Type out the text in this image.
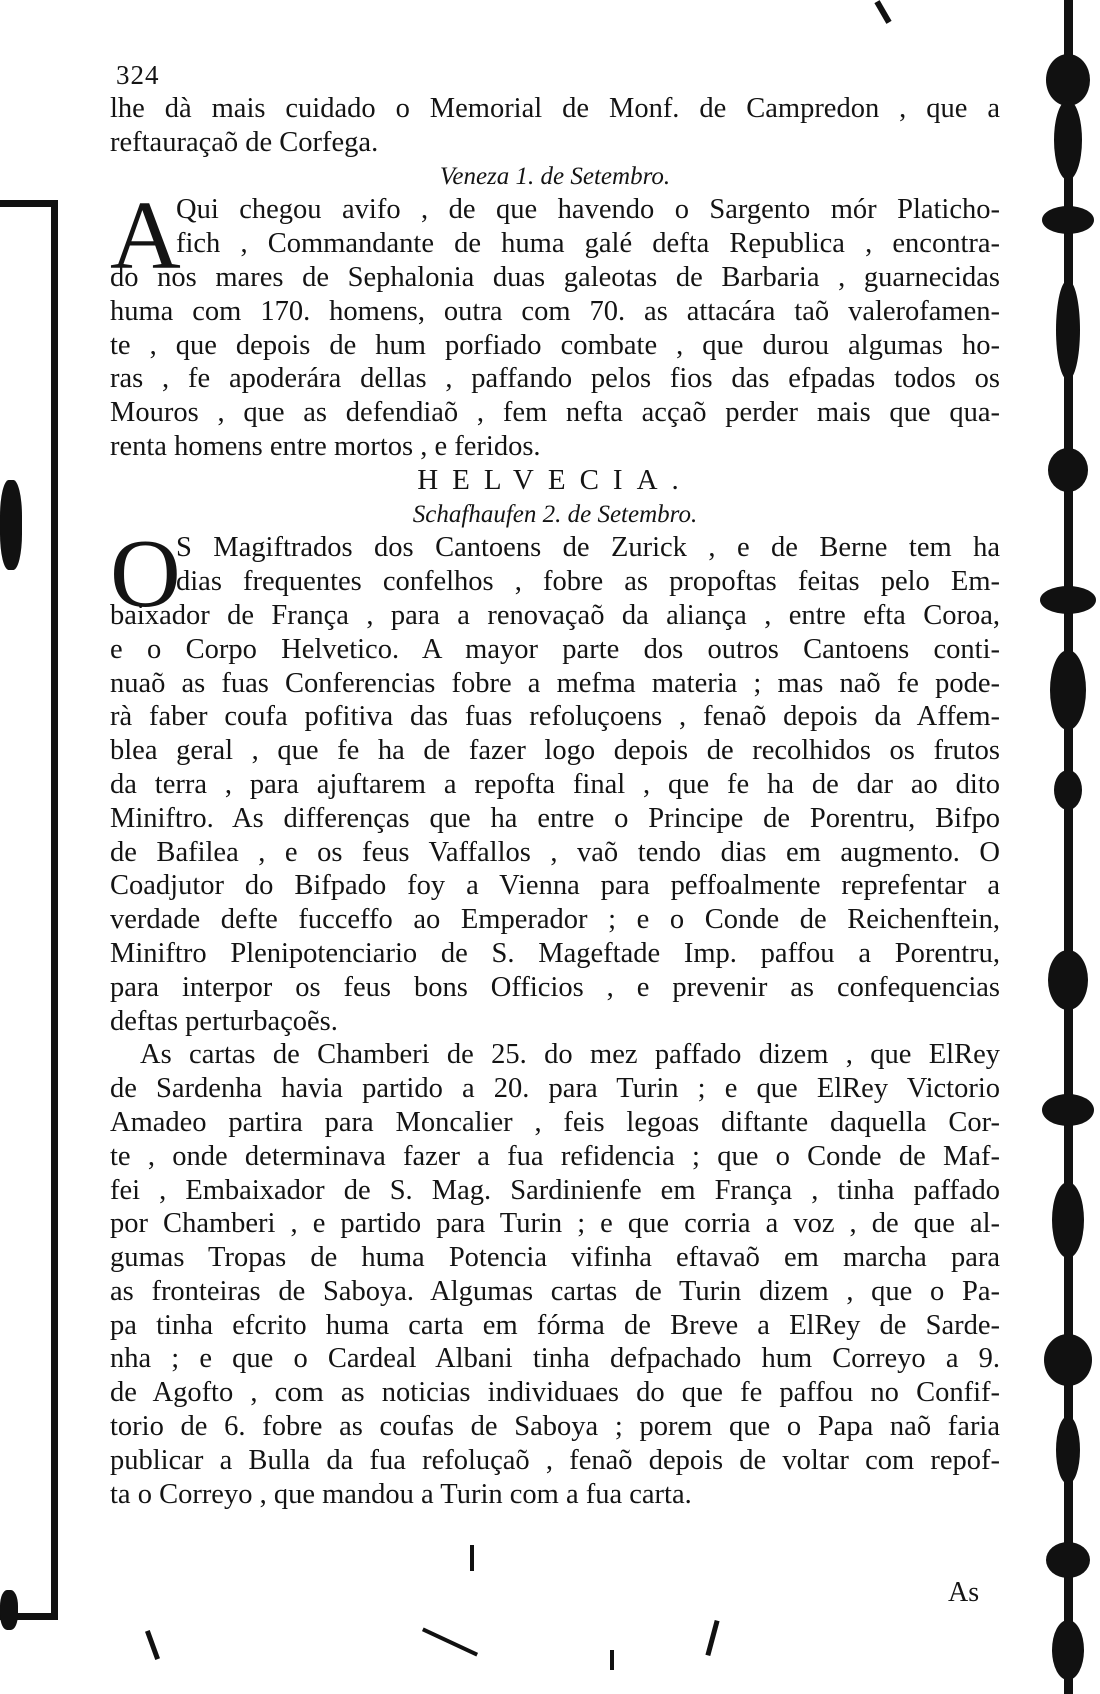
324
lhe dà mais cuidado o Memorial de Monf. de Campredon , que a
reftauraçaõ de Corfega.
Veneza 1. de Setembro.
A
Qui chegou avifo , de que havendo o Sargento mór Platicho-
fich , Commandante de huma galé defta Republica , encontra-
do nos mares de Sephalonia duas galeotas de Barbaria , guarnecidas
huma com 170. homens, outra com 70. as attacára taõ valerofamen-
te , que depois de hum porfiado combate , que durou algumas ho-
ras , fe apoderára dellas , paffando pelos fios das efpadas todos os
Mouros , que as defendiaõ , fem nefta acçaõ perder mais que qua-
renta homens entre mortos , e feridos.
HELVECIA.
Schafhaufen 2. de Setembro.
O
S Magiftrados dos Cantoens de Zurick , e de Berne tem ha
dias frequentes confelhos , fobre as propoftas feitas pelo Em-
baixador de França , para a renovaçaõ da aliança , entre efta Coroa,
e o Corpo Helvetico. A mayor parte dos outros Cantoens conti-
nuaõ as fuas Conferencias fobre a mefma materia ; mas naõ fe pode-
rà faber coufa pofitiva das fuas refoluçoens , fenaõ depois da Affem-
blea geral , que fe ha de fazer logo depois de recolhidos os frutos
da terra , para ajuftarem a repofta final , que fe ha de dar ao dito
Miniftro. As differenças que ha entre o Principe de Porentru, Bifpo
de Bafilea , e os feus Vaffallos , vaõ tendo dias em augmento. O
Coadjutor do Bifpado foy a Vienna para peffoalmente reprefentar a
verdade defte fucceffo ao Emperador ; e o Conde de Reichenftein,
Miniftro Plenipotenciario de S. Mageftade Imp. paffou a Porentru,
para interpor os feus bons Officios , e prevenir as confequencias
deftas perturbaçoẽs.
As cartas de Chamberi de 25. do mez paffado dizem , que ElRey
de Sardenha havia partido a 20. para Turin ; e que ElRey Victorio
Amadeo partira para Moncalier , feis legoas diftante daquella Cor-
te , onde determinava fazer a fua refidencia ; que o Conde de Maf-
fei , Embaixador de S. Mag. Sardinienfe em França , tinha paffado
por Chamberi , e partido para Turin ; e que corria a voz , de que al-
gumas Tropas de huma Potencia vifinha eftavaõ em marcha para
as fronteiras de Saboya. Algumas cartas de Turin dizem , que o Pa-
pa tinha efcrito huma carta em fórma de Breve a ElRey de Sarde-
nha ; e que o Cardeal Albani tinha defpachado hum Correyo a 9.
de Agofto , com as noticias individuaes do que fe paffou no Confif-
torio de 6. fobre as coufas de Saboya ; porem que o Papa naõ faria
publicar a Bulla da fua refoluçaõ , fenaõ depois de voltar com repof-
ta o Correyo , que mandou a Turin com a fua carta.
As
